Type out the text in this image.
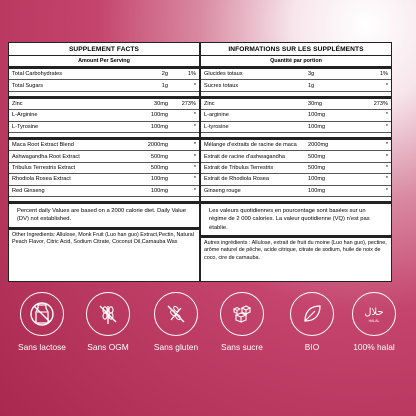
SUPPLEMENT FACTS
Amount Per Serving
Total Carbohydrates	2g	1%
Total Sugars	1g	*
Zinc	30mg	273%
L-Arginine	100mg	*
L-Tyrosine	100mg	*
Maca Root Extract Blend	2000mg	*
Ashwagandha Root Extract	500mg	*
Tribulus Terrestris Extract	500mg	*
Rhodiola Rosea Extract	100mg	*
Red Ginseng	100mg	*
Percent daily Values are based on a 2000 calorie diet. Daily Value (DV) not established.
Other Ingredients: Allulose, Monk Fruit (Luo han guo) Extract,Pectin, Natural Peach Flavor, Citric Acid, Sodium Citrate, Coconut Oil,Carnauba Wax
INFORMATIONS SUR LES SUPPLÉMENTS
Quantité par portion
Glucides totaux	3g	1%
Sucres totaux	1g	*
Zinc	30mg	273%
L-arginine	100mg	*
L-tyrosine	100mg	*
Mélange d'extraits de racine de maca	2000mg	*
Extrait de racine d'ashwagandha	500mg	*
Extrait de Tribulus Terrestris	500mg	*
Extrait de Rhodiola Rosea	100mg	*
Ginseng rouge	100mg	*
Les valeurs quotidiennes en pourcentage sont basées sur un régime de 2 000 calories. La valeur quotidienne (VQ) n'est pas établie.
Autres ingrédients : Allulose, extrait de fruit du moine (Luo han guo), pectine, arôme naturel de pêche, acide citrique, citrate de sodium, huile de noix de coco, cire de carnauba.
Sans lactose	Sans OGM	Sans gluten	Sans sucre	BIO
حلال
HALAL
100% halal
